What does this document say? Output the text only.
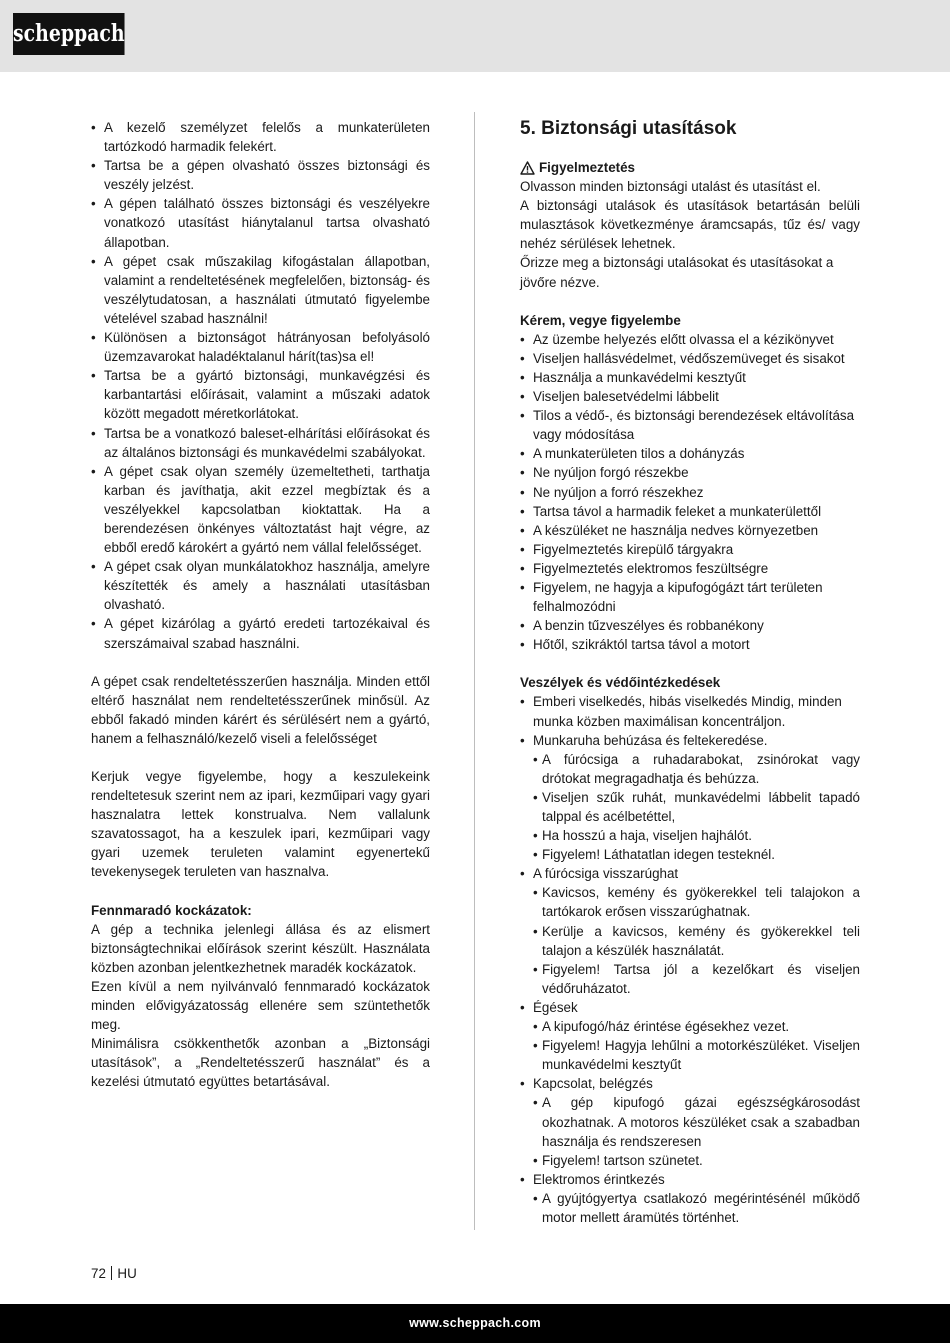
scheppach
• A kezelő személyzet felelős a munkaterületen tartózkodó harmadik felekért.
• Tartsa be a gépen olvasható összes biztonsági és veszély jelzést.
• A gépen található összes biztonsági és veszélyekre vonatkozó utasítást hiánytalanul tartsa olvasható állapotban.
• A gépet csak műszakilag kifogástalan állapotban, valamint a rendeltetésének megfelelően, biztonság- és veszélytudatosan, a használati útmutató figyelembe vételével szabad használni!
• Különösen a biztonságot hátrányosan befolyásoló üzemzavarokat haladéktalanul hárít(tas)sa el!
• Tartsa be a gyártó biztonsági, munkavégzési és karbantartási előírásait, valamint a műszaki adatok között megadott méretkorlátokat.
• Tartsa be a vonatkozó baleset-elhárítási előírásokat és az általános biztonsági és munkavédelmi szabályokat.
• A gépet csak olyan személy üzemeltetheti, tarthatja karban és javíthatja, akit ezzel megbíztak és a veszélyekkel kapcsolatban kioktattak. Ha a berendezésen önkényes változtatást hajt végre, az ebből eredő károkért a gyártó nem vállal felelősséget.
• A gépet csak olyan munkálatokhoz használja, amelyre készítették és amely a használati utasításban olvasható.
• A gépet kizárólag a gyártó eredeti tartozékaival és szerszámaival szabad használni.

A gépet csak rendeltetésszerűen használja. Minden ettől eltérő használat nem rendeltetésszerűnek minősül. Az ebből fakadó minden kárért és sérülésért nem a gyártó, hanem a felhasználó/kezelő viseli a felelősséget

Kerjuk vegye figyelembe, hogy a keszulekeink rendeltetesuk szerint nem az ipari, kezműipari vagy gyari hasznalatra lettek konstrualva. Nem vallalunk szavatossagot, ha a keszulek ipari, kezműipari vagy gyari uzemek teruleten valamint egyenertekű tevekenysegek teruleten van hasznalva.

Fennmaradó kockázatok:

A gép a technika jelenlegi állása és az elismert biztonságtechnikai előírások szerint készült. Használata közben azonban jelentkezhetnek maradék kockázatok.

Ezen kívül a nem nyilvánvaló fennmaradó kockázatok minden elővigyázatosság ellenére sem szüntethetők meg.

Minimálisra csökkenthetők azonban a „Biztonsági utasítások”, a „Rendeltetésszerű használat” és a kezelési útmutató együttes betartásával.

5. Biztonsági utasítások
Figyelmeztetés

Olvasson minden biztonsági utalást és utasítást el.

A biztonsági utalások és utasítások betartásán belüli mulasztások következménye áramcsapás, tűz és/ vagy nehéz sérülések lehetnek.

Őrizze meg a biztonsági utalásokat és utasításokat a jövőre nézve.

Kérem, vegye figyelembe

• Az üzembe helyezés előtt olvassa el a kézikönyvet
• Viseljen hallásvédelmet, védőszemüveget és sisakot
• Használja a munkavédelmi kesztyűt
• Viseljen balesetvédelmi lábbelit
• Tilos a védő-, és biztonsági berendezések eltávolítása vagy módosítása
• A munkaterületen tilos a dohányzás
• Ne nyúljon forgó részekbe
• Ne nyúljon a forró részekhez
• Tartsa távol a harmadik feleket a munkaterülettől
• A készüléket ne használja nedves környezetben
• Figyelmeztetés kirepülő tárgyakra
• Figyelmeztetés elektromos feszültségre
• Figyelem, ne hagyja a kipufogógázt tárt területen felhalmozódni
• A benzin tűzveszélyes és robbanékony
• Hőtől, szikráktól tartsa távol a motort

Veszélyek és védőintézkedések

• Emberi viselkedés, hibás viselkedés Mindig, minden munka közben maximálisan koncentráljon.
• Munkaruha behúzása és feltekeredése.
• A fúrócsiga a ruhadarabokat, zsinórokat vagy drótokat megragadhatja és behúzza.
• Viseljen szűk ruhát, munkavédelmi lábbelit tapadó talppal és acélbetéttel,
• Ha hosszú a haja, viseljen hajhálót.
• Figyelem! Láthatatlan idegen testeknél.
• A fúrócsiga visszarúghat
• Kavicsos, kemény és gyökerekkel teli talajokon a tartókarok erősen visszarúghatnak.
• Kerülje a kavicsos, kemény és gyökerekkel teli talajon a készülék használatát.
• Figyelem! Tartsa jól a kezelőkart és viseljen védőruházatot.
• Égések
• A kipufogó/ház érintése égésekhez vezet.
• Figyelem! Hagyja lehűlni a motorkészüléket. Viseljen munkavédelmi kesztyűt
• Kapcsolat, belégzés
• A gép kipufogó gázai egészségkárosodást okozhatnak. A motoros készüléket csak a szabadban használja és rendszeresen
• Figyelem! tartson szünetet.
• Elektromos érintkezés
• A gyújtógyertya csatlakozó megérintésénél működő motor mellett áramütés történhet.
72 HU
www.scheppach.com
